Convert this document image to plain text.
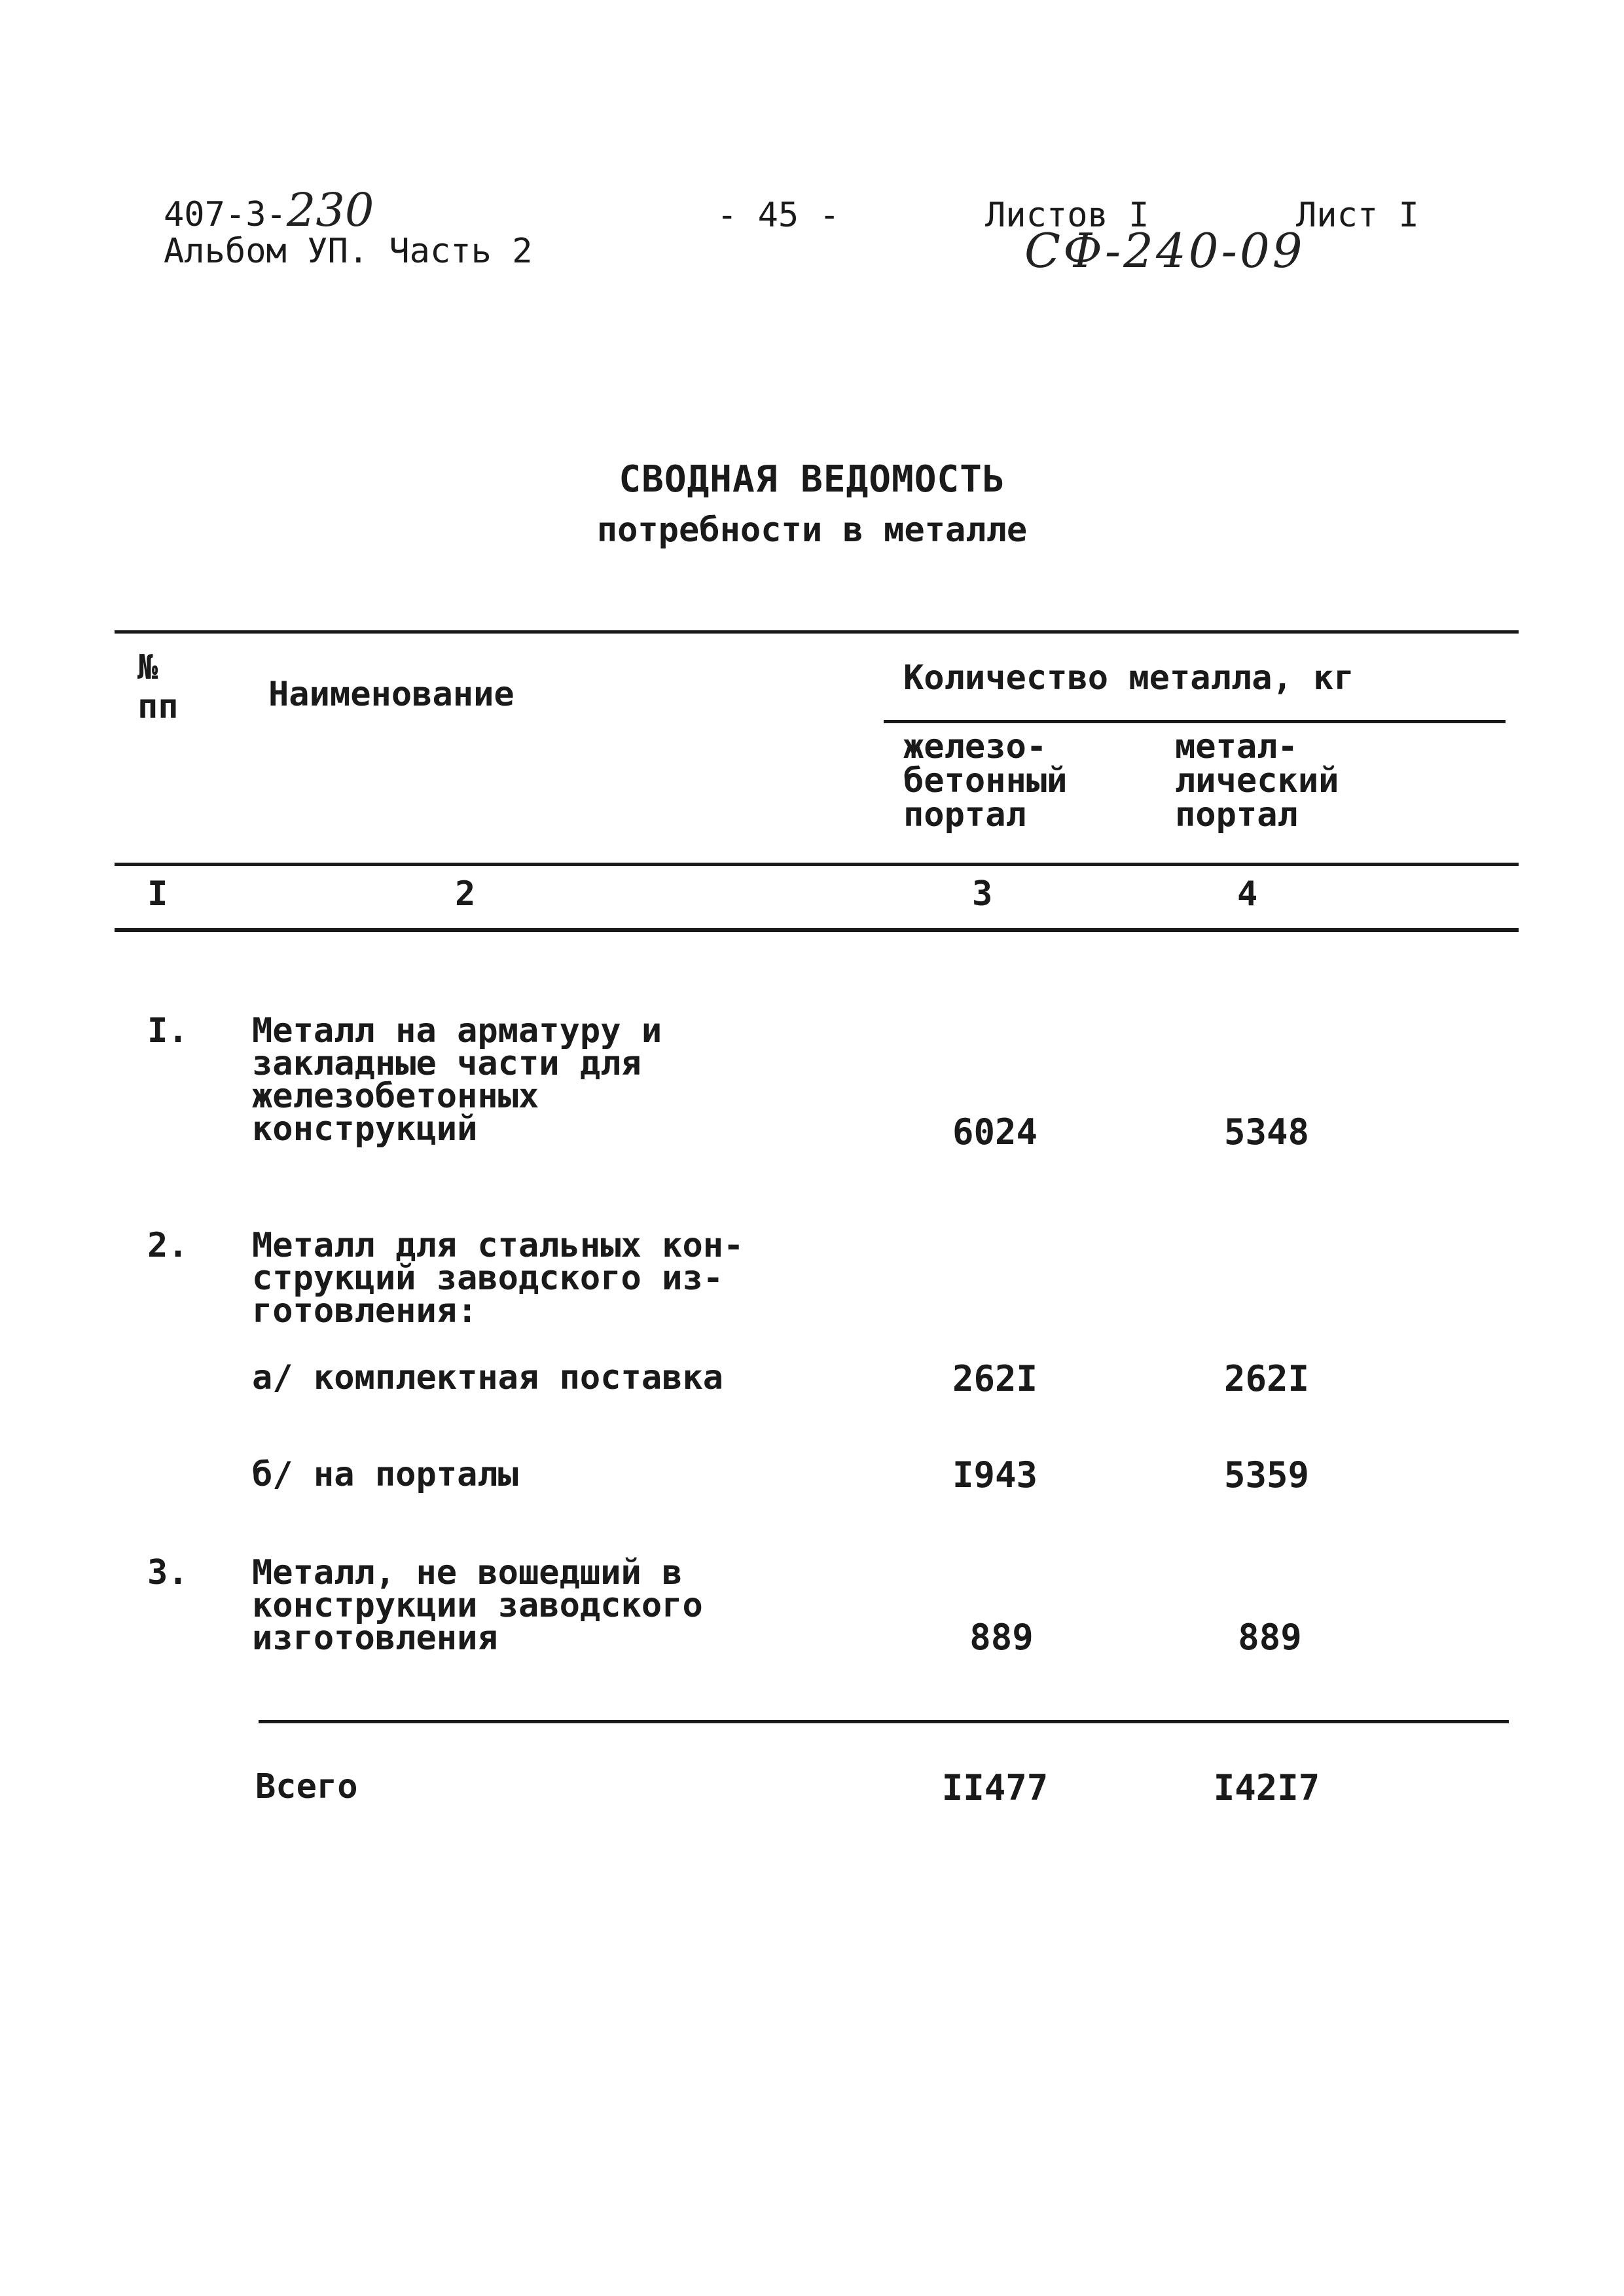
407-3-230
Альбом УП. Часть 2
- 45 -	Листов I	Лист I
СФ-240-09
СВОДНАЯ ВЕДОМОСТЬ
потребности в металле
№
пп	Наименование	Количество металла, кг
железо-
бетонный
портал
метал-
лический
портал
I	2	3	4
I. Металл на арматуру и
закладные части для
железобетонных
конструкций	6024	5348
2. Металл для стальных кон-
струкций заводского из-
готовления:
а/ комплектная поставка	262I	262I
б/ на порталы	I943	5359
3. Металл, не вошедший в
конструкции заводского
изготовления	889	889
Всего	II477	I42I7
